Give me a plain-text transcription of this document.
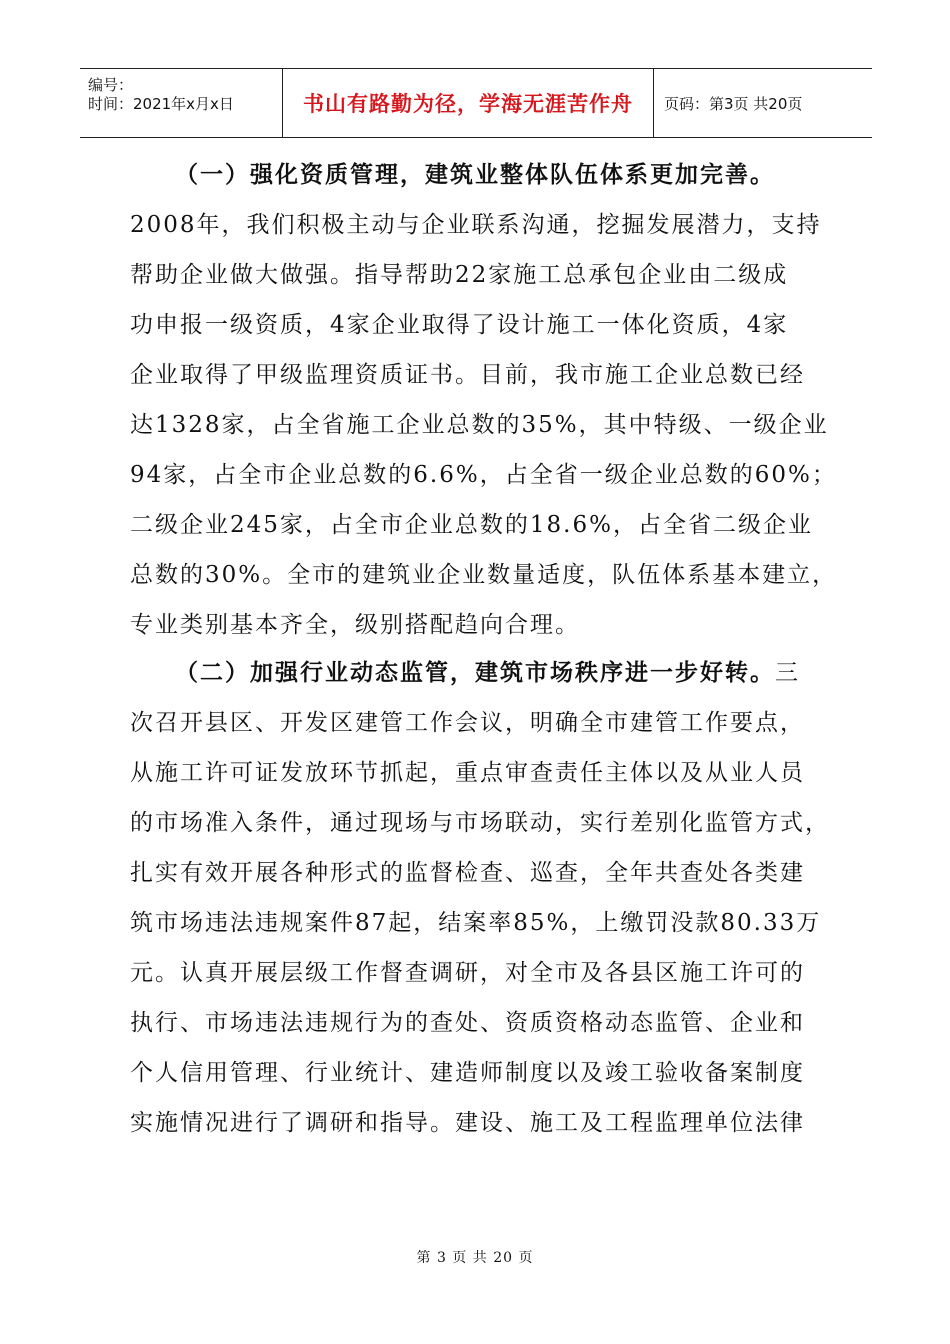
编号：
时间：2021年x月x日	书山有路勤为径，学海无涯苦作舟	页码：第3页 共20页
（一）强化资质管理，建筑业整体队伍体系更加完善。
2008年，我们积极主动与企业联系沟通，挖掘发展潜力，支持
帮助企业做大做强。指导帮助22家施工总承包企业由二级成
功申报一级资质，4家企业取得了设计施工一体化资质，4家
企业取得了甲级监理资质证书。目前，我市施工企业总数已经
达1328家，占全省施工企业总数的35%，其中特级、一级企业
94家，占全市企业总数的6.6%，占全省一级企业总数的60%；
二级企业245家，占全市企业总数的18.6%，占全省二级企业
总数的30%。全市的建筑业企业数量适度，队伍体系基本建立，
专业类别基本齐全，级别搭配趋向合理。
（二）加强行业动态监管，建筑市场秩序进一步好转。三
次召开县区、开发区建管工作会议，明确全市建管工作要点，
从施工许可证发放环节抓起，重点审查责任主体以及从业人员
的市场准入条件，通过现场与市场联动，实行差别化监管方式，
扎实有效开展各种形式的监督检查、巡查，全年共查处各类建
筑市场违法违规案件87起，结案率85%，上缴罚没款80.33万
元。认真开展层级工作督查调研，对全市及各县区施工许可的
执行、市场违法违规行为的查处、资质资格动态监管、企业和
个人信用管理、行业统计、建造师制度以及竣工验收备案制度
实施情况进行了调研和指导。建设、施工及工程监理单位法律
第 3 页 共 20 页
